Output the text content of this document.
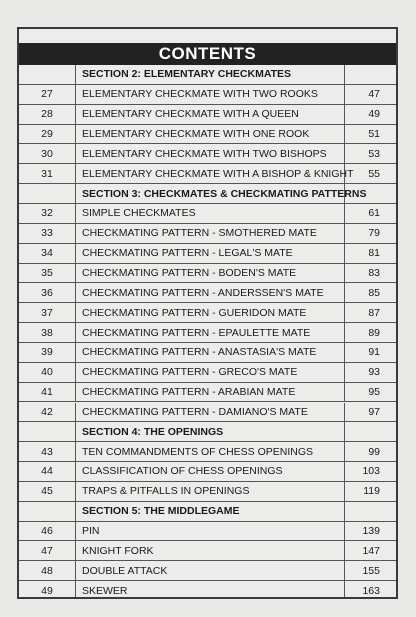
CONTENTS
SECTION 2: ELEMENTARY CHECKMATES
27	ELEMENTARY CHECKMATE WITH TWO ROOKS	47
28	ELEMENTARY CHECKMATE WITH A QUEEN	49
29	ELEMENTARY CHECKMATE WITH ONE ROOK	51
30	ELEMENTARY CHECKMATE WITH TWO BISHOPS	53
31	ELEMENTARY CHECKMATE WITH A BISHOP & KNIGHT	55
SECTION 3: CHECKMATES & CHECKMATING PATTERNS
32	SIMPLE CHECKMATES	61
33	CHECKMATING PATTERN - SMOTHERED MATE	79
34	CHECKMATING PATTERN - LEGAL'S MATE	81
35	CHECKMATING PATTERN - BODEN'S MATE	83
36	CHECKMATING PATTERN - ANDERSSEN'S MATE	85
37	CHECKMATING PATTERN - GUERIDON MATE	87
38	CHECKMATING PATTERN - EPAULETTE MATE	89
39	CHECKMATING PATTERN - ANASTASIA'S MATE	91
40	CHECKMATING PATTERN - GRECO'S MATE	93
41	CHECKMATING PATTERN - ARABIAN MATE	95
42	CHECKMATING PATTERN - DAMIANO'S MATE	97
SECTION 4: THE OPENINGS
43	TEN COMMANDMENTS OF CHESS OPENINGS	99
44	CLASSIFICATION OF CHESS OPENINGS	103
45	TRAPS & PITFALLS IN OPENINGS	119
SECTION 5: THE MIDDLEGAME
46	PIN	139
47	KNIGHT FORK	147
48	DOUBLE ATTACK	155
49	SKEWER	163
